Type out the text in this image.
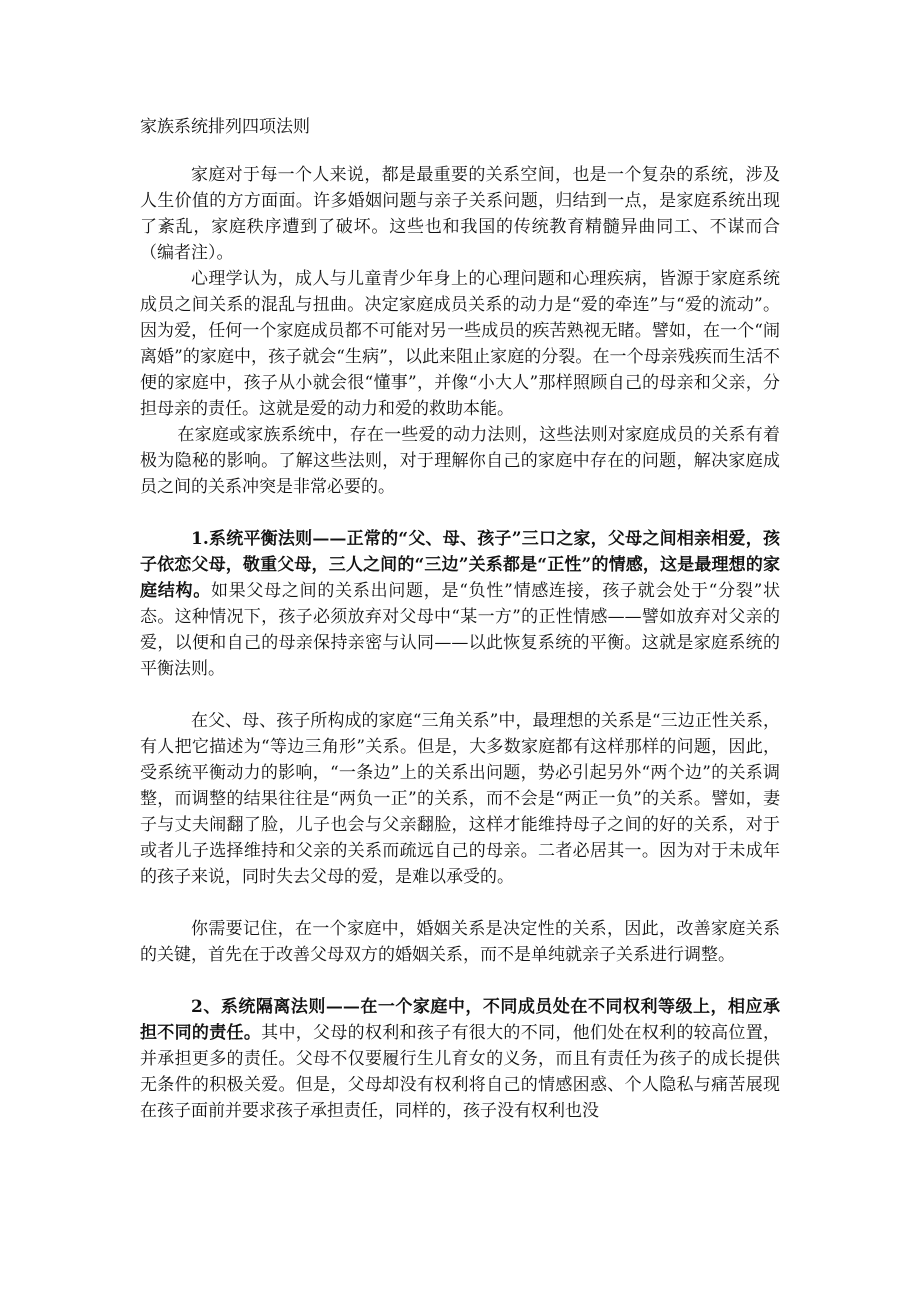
家族系统排列四项法则

家庭对于每一个人来说，都是最重要的关系空间，也是一个复杂的系统，涉及人生价值的方方面面。许多婚姻问题与亲子关系问题，归结到一点，是家庭系统出现了紊乱，家庭秩序遭到了破坏。这些也和我国的传统教育精髓异曲同工、不谋而合（编者注）。

心理学认为，成人与儿童青少年身上的心理问题和心理疾病，皆源于家庭系统成员之间关系的混乱与扭曲。决定家庭成员关系的动力是“爱的牵连”与“爱的流动”。因为爱，任何一个家庭成员都不可能对另一些成员的疾苦熟视无睹。譬如，在一个“闹离婚”的家庭中，孩子就会“生病”，以此来阻止家庭的分裂。在一个母亲残疾而生活不便的家庭中，孩子从小就会很“懂事”，并像“小大人”那样照顾自己的母亲和父亲，分担母亲的责任。这就是爱的动力和爱的救助本能。

在家庭或家族系统中，存在一些爱的动力法则，这些法则对家庭成员的关系有着极为隐秘的影响。了解这些法则，对于理解你自己的家庭中存在的问题，解决家庭成员之间的关系冲突是非常必要的。

1.系统平衡法则——正常的“父、母、孩子”三口之家，父母之间相亲相爱，孩子依恋父母，敬重父母，三人之间的“三边”关系都是“正性”的情感，这是最理想的家庭结构。如果父母之间的关系出问题，是“负性”情感连接，孩子就会处于“分裂”状态。这种情况下，孩子必须放弃对父母中“某一方”的正性情感——譬如放弃对父亲的爱，以便和自己的母亲保持亲密与认同——以此恢复系统的平衡。这就是家庭系统的平衡法则。

在父、母、孩子所构成的家庭“三角关系”中，最理想的关系是“三边正性关系，有人把它描述为“等边三角形”关系。但是，大多数家庭都有这样那样的问题，因此，受系统平衡动力的影响，“一条边”上的关系出问题，势必引起另外“两个边”的关系调整，而调整的结果往往是“两负一正”的关系，而不会是“两正一负”的关系。譬如，妻子与丈夫闹翻了脸，儿子也会与父亲翻脸，这样才能维持母子之间的好的关系，对于或者儿子选择维持和父亲的关系而疏远自己的母亲。二者必居其一。因为对于未成年的孩子来说，同时失去父母的爱，是难以承受的。

你需要记住，在一个家庭中，婚姻关系是决定性的关系，因此，改善家庭关系的关键，首先在于改善父母双方的婚姻关系，而不是单纯就亲子关系进行调整。

2、系统隔离法则——在一个家庭中，不同成员处在不同权利等级上，相应承担不同的责任。其中，父母的权利和孩子有很大的不同，他们处在权利的较高位置，并承担更多的责任。父母不仅要履行生儿育女的义务，而且有责任为孩子的成长提供无条件的积极关爱。但是，父母却没有权利将自己的情感困惑、个人隐私与痛苦展现在孩子面前并要求孩子承担责任，同样的，孩子没有权利也没
